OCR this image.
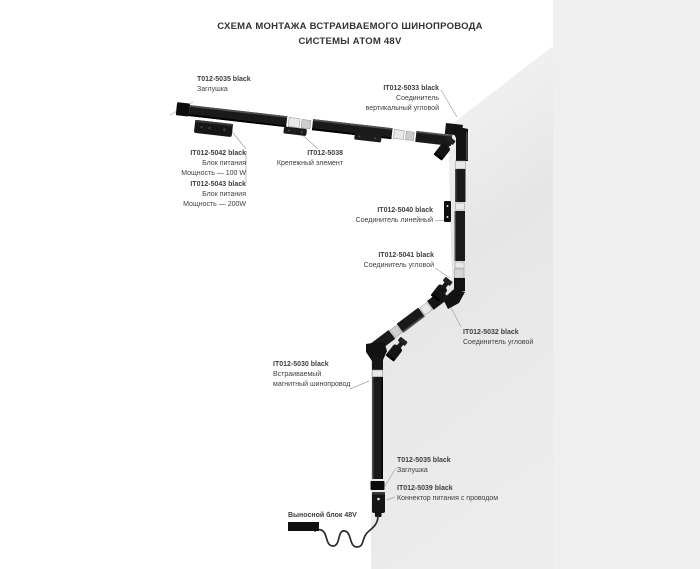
СХЕМА МОНТАЖА ВСТРАИВАЕМОГО ШИНОПРОВОДА
СИСТЕМЫ АТОМ 48V
T012-5035 black
Заглушка	IT012-5033 black
Соединитель
вертикальный угловой
IT012-5042 black
Блок питания
Мощность — 100 W
IT012-5043 black
Блок питания
Мощность — 200W
IT012-5038
Крепежный элемент
IT012-5040 black
Соединитель линейный
IT012-5041 black
Соединитель угловой
IT012-5032 black
Соединитель угловой
IT012-5030 black
Встраиваемый
магнитный шинопровод
T012-5035 black
Заглушка
IT012-5039 black
Коннектор питания с проводом
Выносной блок 48V
